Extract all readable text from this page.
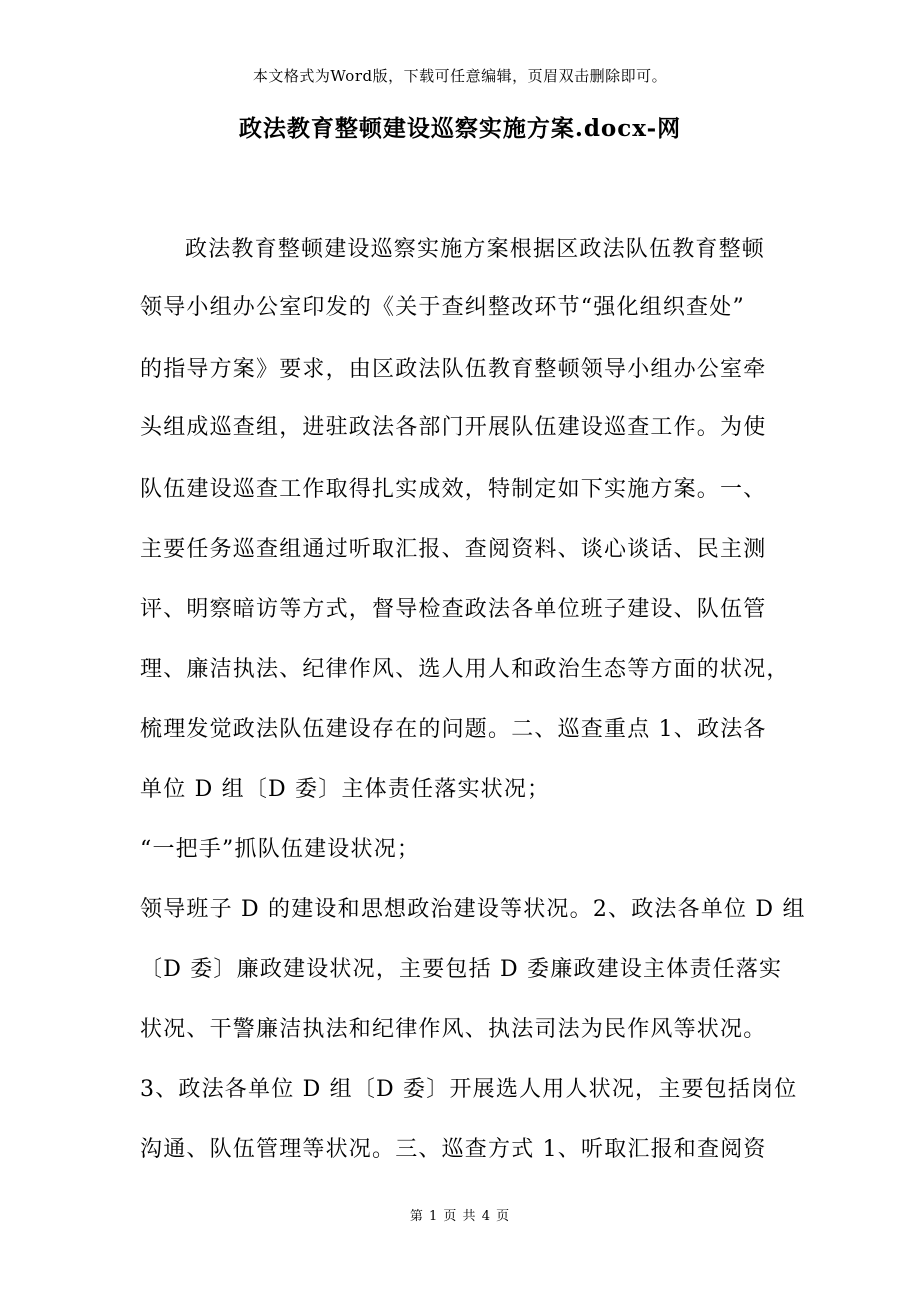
本文格式为Word版，下载可任意编辑，页眉双击删除即可。
政法教育整顿建设巡察实施方案.docx-网
政法教育整顿建设巡察实施方案根据区政法队伍教育整顿
领导小组办公室印发的《关于查纠整改环节“强化组织查处”
的指导方案》要求，由区政法队伍教育整顿领导小组办公室牵
头组成巡查组，进驻政法各部门开展队伍建设巡查工作。为使
队伍建设巡查工作取得扎实成效，特制定如下实施方案。一、
主要任务巡查组通过听取汇报、查阅资料、谈心谈话、民主测
评、明察暗访等方式，督导检查政法各单位班子建设、队伍管
理、廉洁执法、纪律作风、选人用人和政治生态等方面的状况，
梳理发觉政法队伍建设存在的问题。二、巡查重点 1、政法各
单位 D 组〔D 委〕主体责任落实状况；
“一把手”抓队伍建设状况；
领导班子 D 的建设和思想政治建设等状况。2、政法各单位 D 组
〔D 委〕廉政建设状况，主要包括 D 委廉政建设主体责任落实
状况、干警廉洁执法和纪律作风、执法司法为民作风等状况。
3、政法各单位 D 组〔D 委〕开展选人用人状况，主要包括岗位
沟通、队伍管理等状况。三、巡查方式 1、听取汇报和查阅资
第 1 页 共 4 页
